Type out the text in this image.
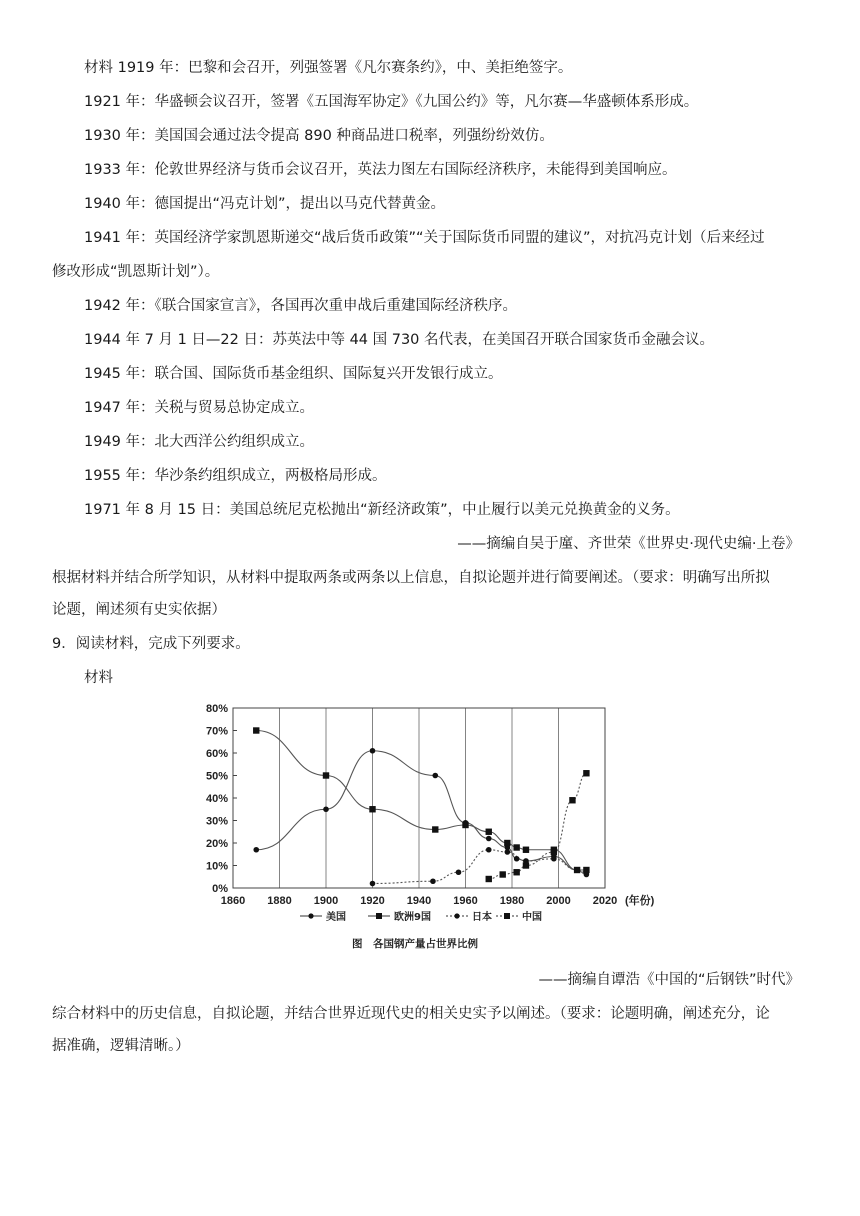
材料 1919 年：巴黎和会召开，列强签署《凡尔赛条约》，中、美拒绝签字。
1921 年：华盛顿会议召开，签署《五国海军协定》《九国公约》等，凡尔赛—华盛顿体系形成。
1930 年：美国国会通过法令提高 890 种商品进口税率，列强纷纷效仿。
1933 年：伦敦世界经济与货币会议召开，英法力图左右国际经济秩序，未能得到美国响应。
1940 年：德国提出“冯克计划”，提出以马克代替黄金。
1941 年：英国经济学家凯恩斯递交“战后货币政策”“关于国际货币同盟的建议”，对抗冯克计划（后来经过
修改形成“凯恩斯计划”）。
1942 年：《联合国家宣言》，各国再次重申战后重建国际经济秩序。
1944 年 7 月 1 日—22 日：苏英法中等 44 国 730 名代表，在美国召开联合国家货币金融会议。
1945 年：联合国、国际货币基金组织、国际复兴开发银行成立。
1947 年：关税与贸易总协定成立。
1949 年：北大西洋公约组织成立。
1955 年：华沙条约组织成立，两极格局形成。
1971 年 8 月 15 日：美国总统尼克松抛出“新经济政策”，中止履行以美元兑换黄金的义务。
——摘编自吴于廑、齐世荣《世界史·现代史编·上卷》
根据材料并结合所学知识，从材料中提取两条或两条以上信息，自拟论题并进行简要阐述。（要求：明确写出所拟
论题，阐述须有史实依据）
9．阅读材料，完成下列要求。
材料
1860 1880 1900 1920 1940 1960 1980 2000 2020 (年份)
0%
10%
20%
30%
40%
50%
60%
70%
80%
美国	欧洲9国	日本	中国
图　各国钢产量占世界比例
——摘编自谭浩《中国的“后钢铁”时代》
综合材料中的历史信息，自拟论题，并结合世界近现代史的相关史实予以阐述。（要求：论题明确，阐述充分，论
据准确，逻辑清晰。）
